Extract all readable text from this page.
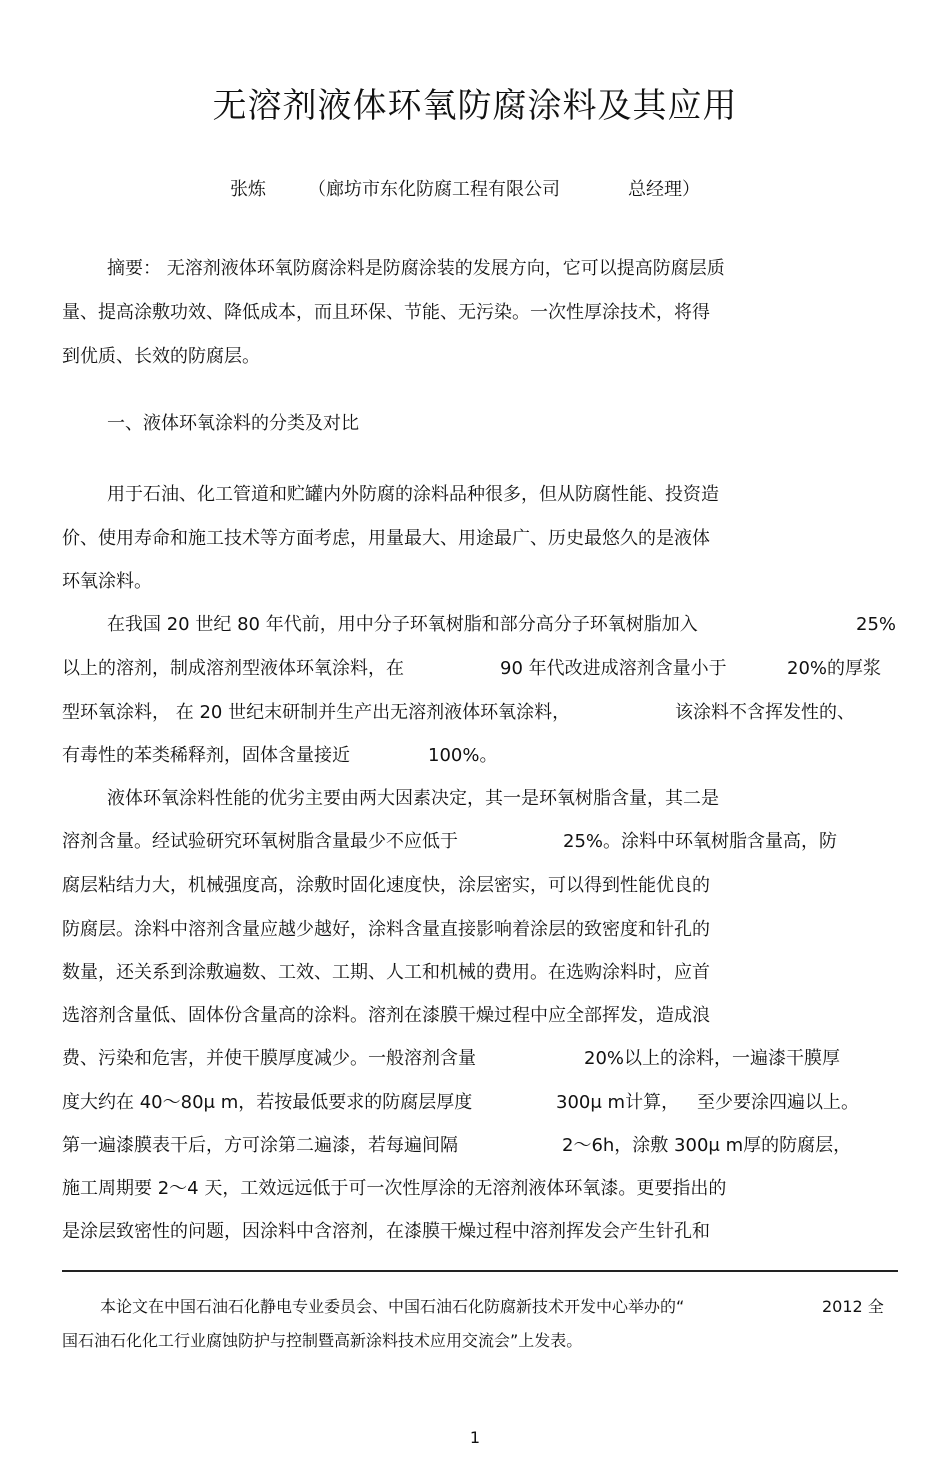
无溶剂液体环氧防腐涂料及其应用
张炼 （廊坊市东化防腐工程有限公司	总经理）
摘要： 无溶剂液体环氧防腐涂料是防腐涂装的发展方向，它可以提高防腐层质
量、提高涂敷功效、降低成本，而且环保、节能、无污染。一次性厚涂技术，将得
到优质、长效的防腐层。
一、液体环氧涂料的分类及对比
用于石油、化工管道和贮罐内外防腐的涂料品种很多，但从防腐性能、投资造
价、使用寿命和施工技术等方面考虑，用量最大、用途最广、历史最悠久的是液体
环氧涂料。
在我国 20 世纪 80 年代前，用中分子环氧树脂和部分高分子环氧树脂加入	25%
以上的溶剂，制成溶剂型液体环氧涂料，在	90 年代改进成溶剂含量小于	20%的厚浆
型环氧涂料， 在 20 世纪末研制并生产出无溶剂液体环氧涂料，	该涂料不含挥发性的、
有毒性的苯类稀释剂，固体含量接近	100%。
液体环氧涂料性能的优劣主要由两大因素决定，其一是环氧树脂含量，其二是
溶剂含量。经试验研究环氧树脂含量最少不应低于	25%。涂料中环氧树脂含量高，防
腐层粘结力大，机械强度高，涂敷时固化速度快，涂层密实，可以得到性能优良的
防腐层。涂料中溶剂含量应越少越好，涂料含量直接影响着涂层的致密度和针孔的
数量，还关系到涂敷遍数、工效、工期、人工和机械的费用。在选购涂料时，应首
选溶剂含量低、固体份含量高的涂料。溶剂在漆膜干燥过程中应全部挥发，造成浪
费、污染和危害，并使干膜厚度减少。一般溶剂含量	20%以上的涂料，一遍漆干膜厚
度大约在 40～80μ m，若按最低要求的防腐层厚度	300μ m计算， 至少要涂四遍以上。
第一遍漆膜表干后，方可涂第二遍漆，若每遍间隔	2～6h，涂敷 300μ m厚的防腐层，
施工周期要 2～4 天，工效远远低于可一次性厚涂的无溶剂液体环氧漆。更要指出的
是涂层致密性的问题，因涂料中含溶剂，在漆膜干燥过程中溶剂挥发会产生针孔和
本论文在中国石油石化静电专业委员会、中国石油石化防腐新技术开发中心举办的“	2012 全
国石油石化化工行业腐蚀防护与控制暨高新涂料技术应用交流会”上发表。
1
